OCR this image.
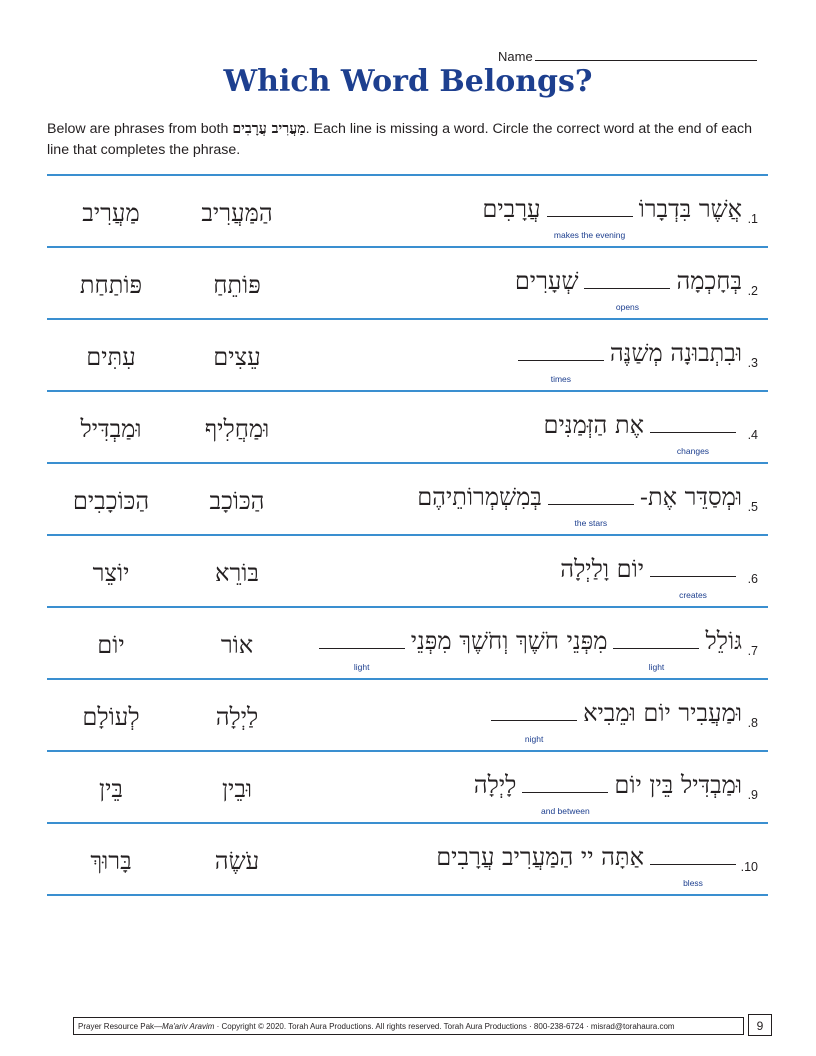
Name
Which Word Belongs?
Below are phrases from both מַעֲרִיב עֲרָבִים. Each line is missing a word. Circle the correct word at the end of each line that completes the phrase.
.1
אֲשֶׁר בִּדְבָרוֹ
makes the evening
עֲרָבִים
הַמַּעֲרִיב
מַעֲרִיב
.2
בְּחָכְמָה
opens
שְׁעָרִים
פּוֹתֵחַ
פּוֹתַחַת
.3
וּבִתְבוּנָה מְשַׁנֶּה
times
עֵצִים
עִתִּים
.4
changes
אֶת הַזְּמַנִּים
וּמַחֲלִיף
וּמַבְדִּיל
.5
וּמְסַדֵּר אֶת-
the stars
בְּמִשְׁמְרוֹתֵיהֶם
הַכּוֹכָב
הַכּוֹכָבִים
.6
creates
יוֹם וָלַיְלָה
בּוֹרֵא
יוֹצֵר
.7
גּוֹלֵל
light
מִפְּנֵי חֹשֶׁךְ וְחֹשֶׁךְ מִפְּנֵי
light
אוֹר
יוֹם
.8
וּמַעֲבִיר יוֹם וּמֵבִיא
night
לַיְלָה
לְעוֹלָם
.9
וּמַבְדִּיל בֵּין יוֹם
and between
לָיְלָה
וּבֵין
בֵּין
.10
bless
אַתָּה יי הַמַּעֲרִיב עֲרָבִים
עֹשֶׂה
בָּרוּךְ
Prayer Resource Pak—Ma'ariv Aravim · Copyright © 2020. Torah Aura Productions. All rights reserved. Torah Aura Productions · 800-238-6724 · misrad@torahaura.com	9
